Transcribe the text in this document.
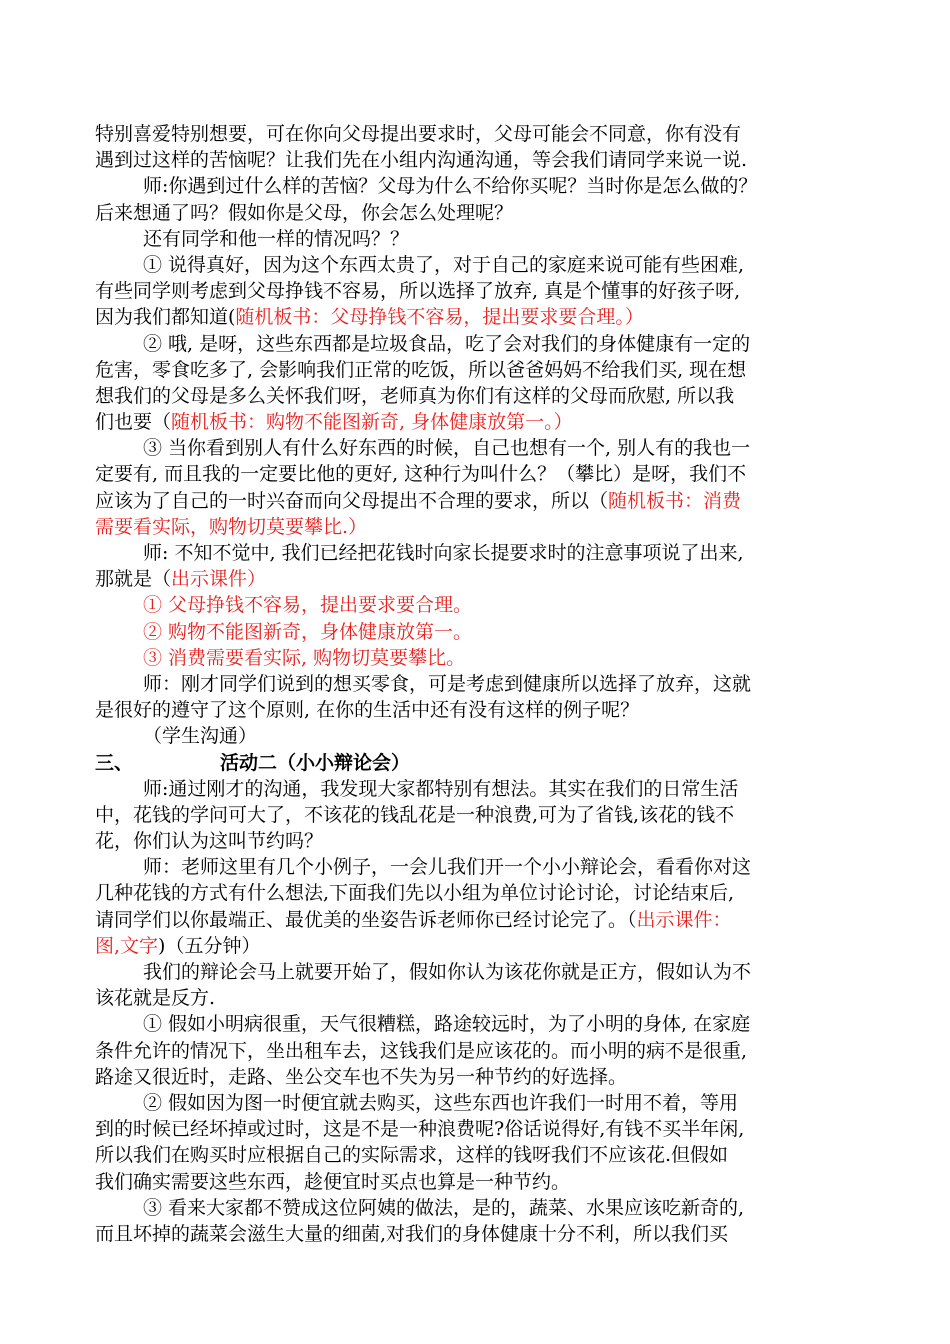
特别喜爱特别想要，可在你向父母提出要求时，父母可能会不同意，你有没有
遇到过这样的苦恼呢？让我们先在小组内沟通沟通，等会我们请同学来说一说.
师:你遇到过什么样的苦恼？父母为什么不给你买呢？当时你是怎么做的？
后来想通了吗？假如你是父母，你会怎么处理呢？
还有同学和他一样的情况吗？？
① 说得真好，因为这个东西太贵了，对于自己的家庭来说可能有些困难,
有些同学则考虑到父母挣钱不容易，所以选择了放弃, 真是个懂事的好孩子呀,
因为我们都知道(随机板书：父母挣钱不容易，提出要求要合理。）
② 哦, 是呀，这些东西都是垃圾食品，吃了会对我们的身体健康有一定的
危害，零食吃多了, 会影响我们正常的吃饭，所以爸爸妈妈不给我们买, 现在想
想我们的父母是多么关怀我们呀，老师真为你们有这样的父母而欣慰, 所以我
们也要（随机板书：购物不能图新奇, 身体健康放第一。）
③ 当你看到别人有什么好东西的时候，自己也想有一个, 别人有的我也一
定要有, 而且我的一定要比他的更好, 这种行为叫什么？（攀比）是呀，我们不
应该为了自己的一时兴奋而向父母提出不合理的要求，所以（随机板书：消费
需要看实际，购物切莫要攀比.）
师: 不知不觉中, 我们已经把花钱时向家长提要求时的注意事项说了出来,
那就是（出示课件）
① 父母挣钱不容易，提出要求要合理。
② 购物不能图新奇，身体健康放第一。
③ 消费需要看实际, 购物切莫要攀比。
师：刚才同学们说到的想买零食，可是考虑到健康所以选择了放弃，这就
是很好的遵守了这个原则, 在你的生活中还有没有这样的例子呢？
（学生沟通）
三、	活动二（小小辩论会）
师:通过刚才的沟通，我发现大家都特别有想法。其实在我们的日常生活
中，花钱的学问可大了，不该花的钱乱花是一种浪费,可为了省钱,该花的钱不
花，你们认为这叫节约吗？
师：老师这里有几个小例子，一会儿我们开一个小小辩论会，看看你对这
几种花钱的方式有什么想法,下面我们先以小组为单位讨论讨论，讨论结束后,
请同学们以你最端正、最优美的坐姿告诉老师你已经讨论完了。（出示课件：
图,文字)（五分钟）
我们的辩论会马上就要开始了，假如你认为该花你就是正方，假如认为不
该花就是反方.
① 假如小明病很重，天气很糟糕，路途较远时，为了小明的身体, 在家庭
条件允许的情况下，坐出租车去，这钱我们是应该花的。而小明的病不是很重,
路途又很近时，走路、坐公交车也不失为另一种节约的好选择。
② 假如因为图一时便宜就去购买，这些东西也许我们一时用不着，等用
到的时候已经坏掉或过时，这是不是一种浪费呢?俗话说得好,有钱不买半年闲,
所以我们在购买时应根据自己的实际需求，这样的钱呀我们不应该花.但假如
我们确实需要这些东西，趁便宜时买点也算是一种节约。
③ 看来大家都不赞成这位阿姨的做法，是的，蔬菜、水果应该吃新奇的,
而且坏掉的蔬菜会滋生大量的细菌,对我们的身体健康十分不利，所以我们买
